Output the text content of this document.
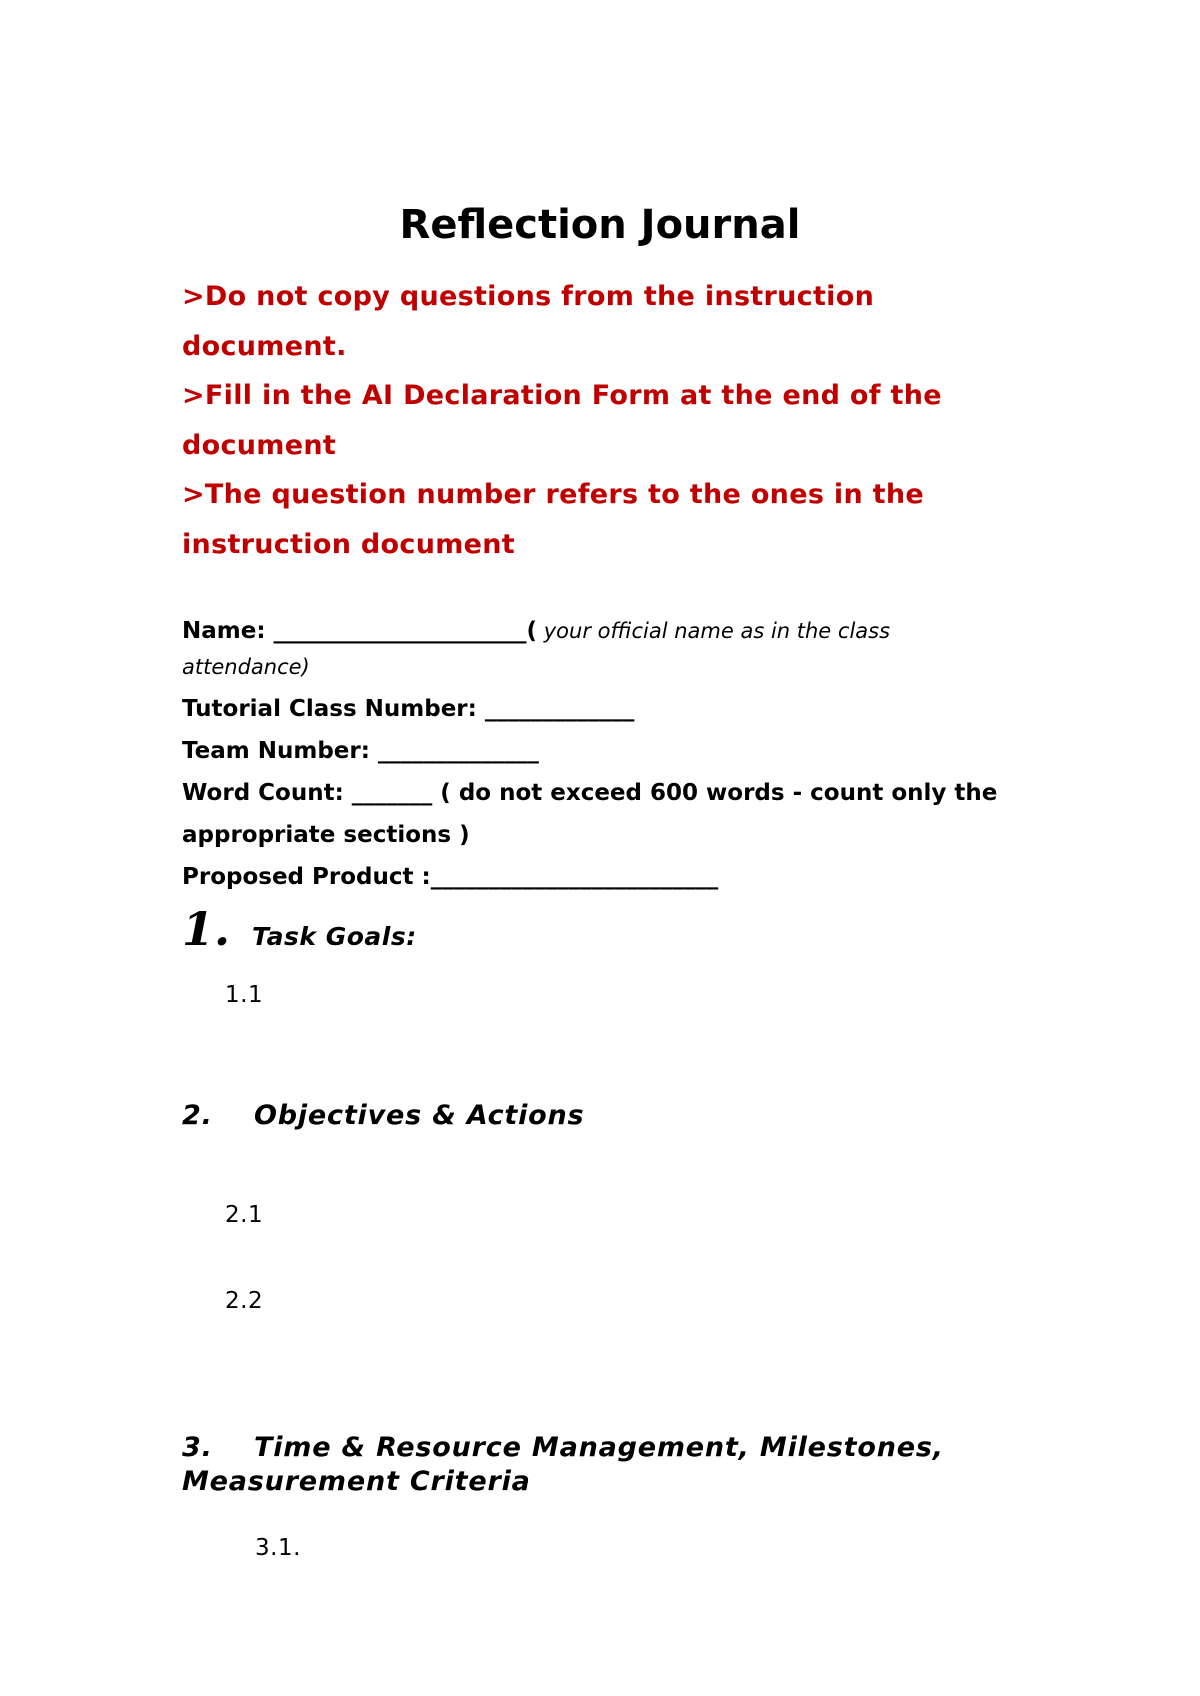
Reflection Journal

>Do not copy questions from the instruction document.

>Fill in the AI Declaration Form at the end of the document

>The question number refers to the ones in the instruction document

Name: ______________________( your official name as in the class

attendance)

Tutorial Class Number: _____________

Team Number: ______________

Word Count: _______ ( do not exceed 600 words - count only the appropriate sections )

Proposed Product :_________________________

1. Task Goals:
1.1
2. Objectives & Actions
2.1
2.2
3. Time & Resource Management, Milestones, Measurement Criteria
3.1.
